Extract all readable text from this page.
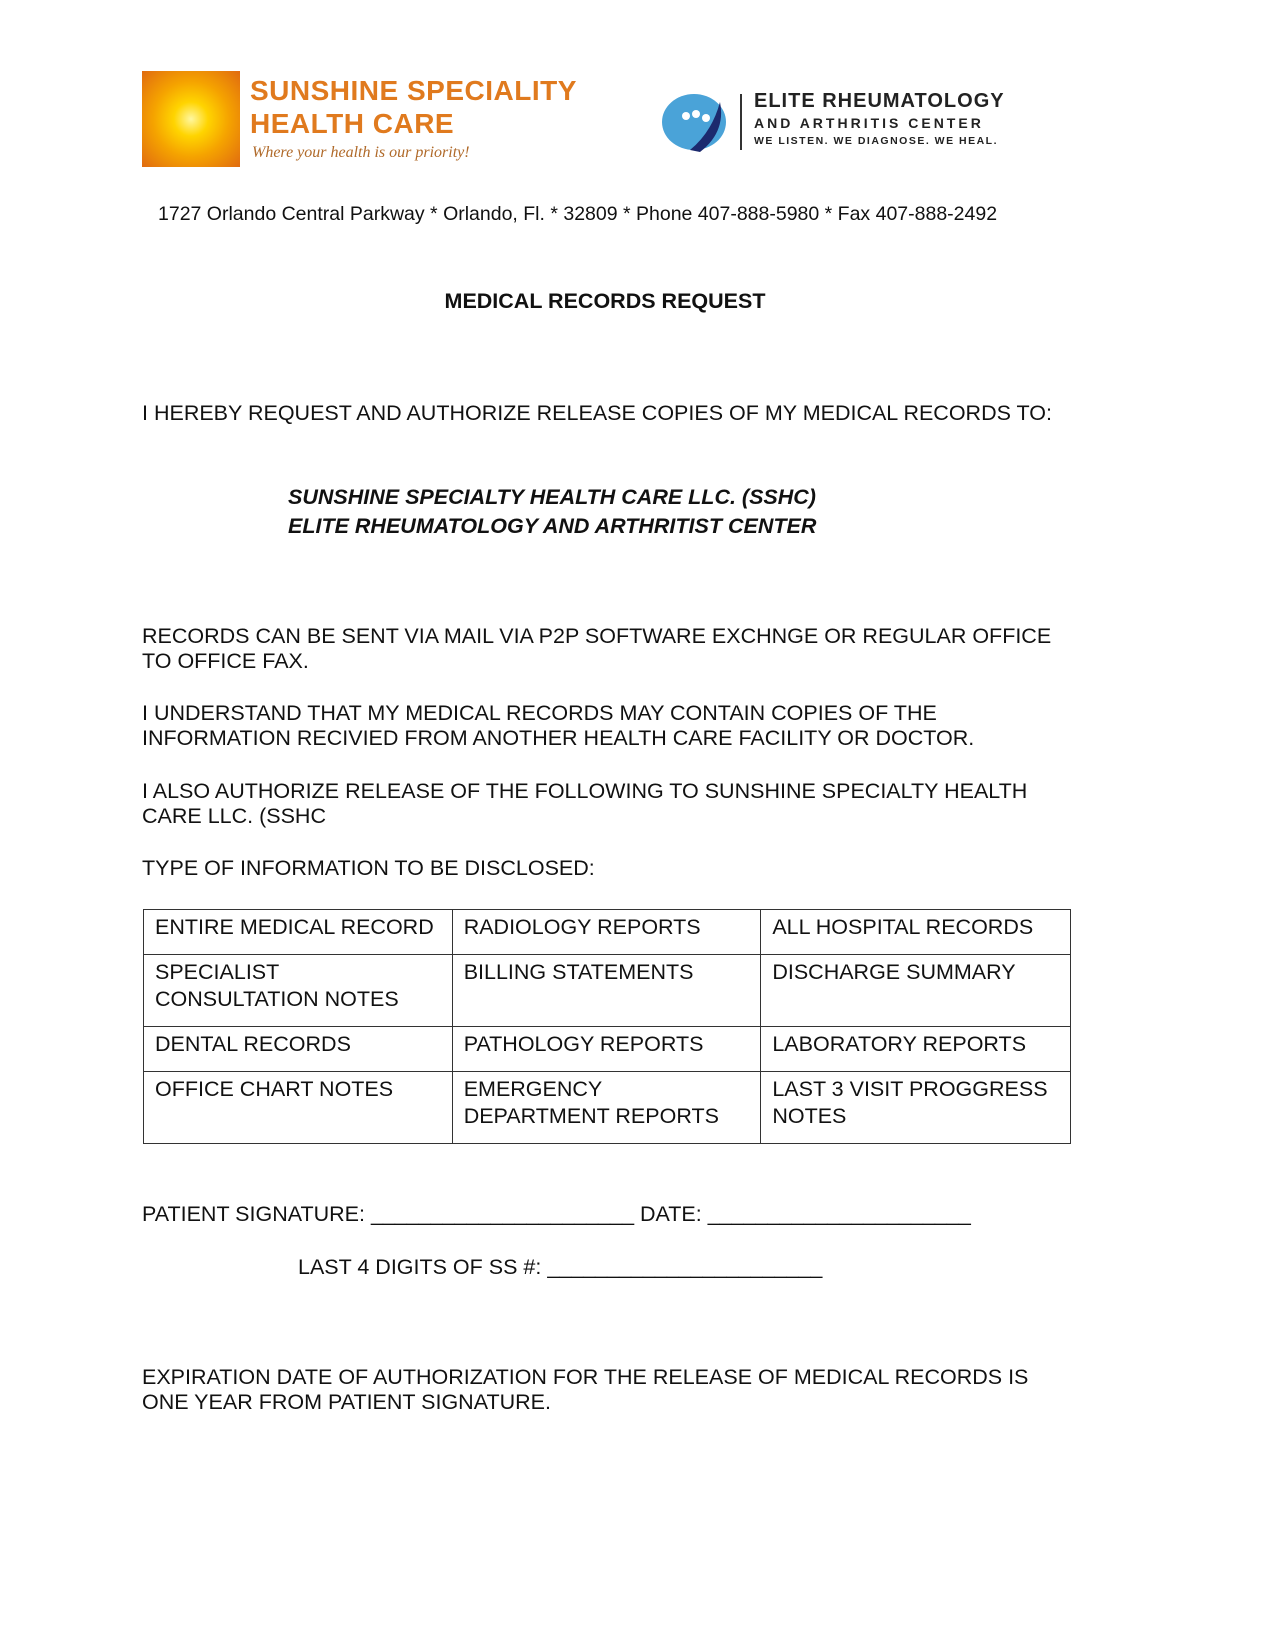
SUNSHINE SPECIALITY
HEALTH CARE
Where your health is our priority!
ELITE RHEUMATOLOGY
AND ARTHRITIS CENTER
WE LISTEN. WE DIAGNOSE. WE HEAL.
1727 Orlando Central Parkway * Orlando, Fl. * 32809 * Phone 407-888-5980 * Fax 407-888-2492
MEDICAL RECORDS REQUEST
I HEREBY REQUEST AND AUTHORIZE RELEASE COPIES OF MY MEDICAL RECORDS TO:
SUNSHINE SPECIALTY HEALTH CARE LLC. (SSHC)
ELITE RHEUMATOLOGY AND ARTHRITIST CENTER
RECORDS CAN BE SENT VIA MAIL VIA P2P SOFTWARE EXCHNGE OR REGULAR OFFICE
TO OFFICE FAX.
I UNDERSTAND THAT MY MEDICAL RECORDS MAY CONTAIN COPIES OF THE
INFORMATION RECIVIED FROM ANOTHER HEALTH CARE FACILITY OR DOCTOR.
I ALSO AUTHORIZE RELEASE OF THE FOLLOWING TO SUNSHINE SPECIALTY HEALTH
CARE LLC. (SSHC
TYPE OF INFORMATION TO BE DISCLOSED:
ENTIRE MEDICAL RECORD	RADIOLOGY REPORTS	ALL HOSPITAL RECORDS
SPECIALIST
CONSULTATION NOTES	BILLING STATEMENTS	DISCHARGE SUMMARY
DENTAL RECORDS	PATHOLOGY REPORTS	LABORATORY REPORTS
OFFICE CHART NOTES	EMERGENCY
DEPARTMENT REPORTS	LAST 3 VISIT PROGGRESS
NOTES
PATIENT SIGNATURE: ______________________ DATE: ______________________
LAST 4 DIGITS OF SS #: _______________________
EXPIRATION DATE OF AUTHORIZATION FOR THE RELEASE OF MEDICAL RECORDS IS
ONE YEAR FROM PATIENT SIGNATURE.
